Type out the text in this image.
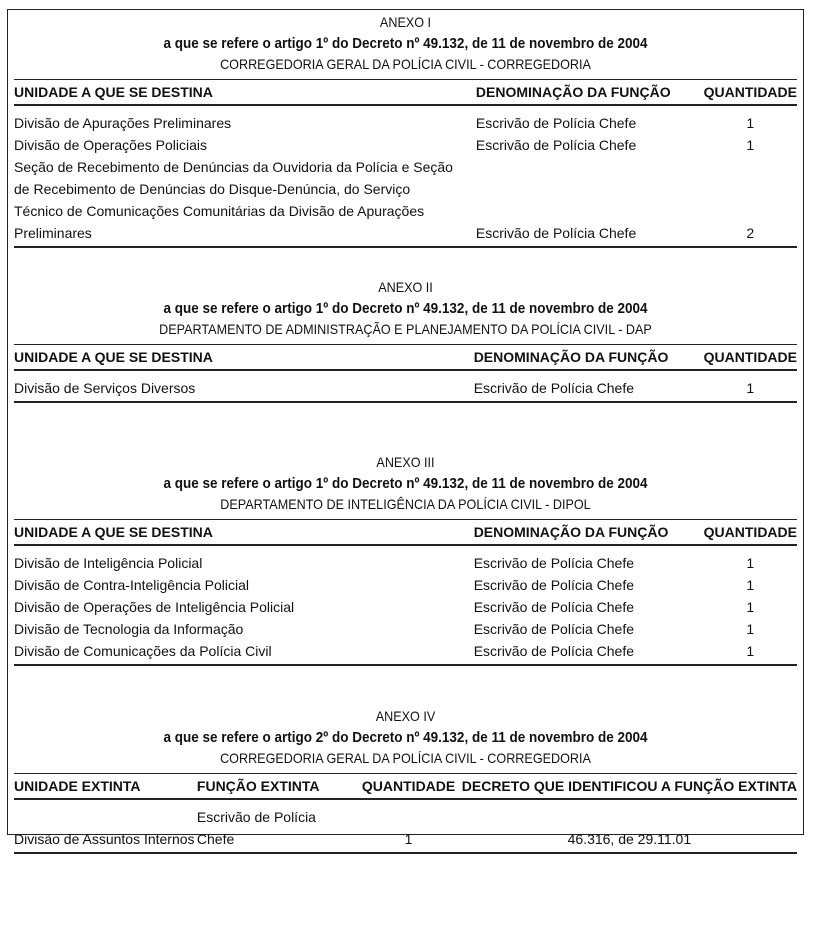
ANEXO I
a que se refere o artigo 1º do Decreto nº 49.132, de 11 de novembro de 2004
CORREGEDORIA GERAL DA POLÍCIA CIVIL - CORREGEDORIA
UNIDADE A QUE SE DESTINA	DENOMINAÇÃO DA FUNÇÃO	QUANTIDADE
Divisão de Apurações Preliminares	Escrivão de Polícia Chefe	1
Divisão de Operações Policiais	Escrivão de Polícia Chefe	1
Seção de Recebimento de Denúncias da Ouvidoria da Polícia e Seção de Recebimento de Denúncias do Disque-Denúncia, do Serviço Técnico de Comunicações Comunitárias da Divisão de Apurações Preliminares	Escrivão de Polícia Chefe	2
ANEXO II
a que se refere o artigo 1º do Decreto nº 49.132, de 11 de novembro de 2004
DEPARTAMENTO DE ADMINISTRAÇÃO E PLANEJAMENTO DA POLÍCIA CIVIL - DAP
UNIDADE A QUE SE DESTINA	DENOMINAÇÃO DA FUNÇÃO	QUANTIDADE
Divisão de Serviços Diversos	Escrivão de Polícia Chefe	1
ANEXO III
a que se refere o artigo 1º do Decreto nº 49.132, de 11 de novembro de 2004
DEPARTAMENTO DE INTELIGÊNCIA DA POLÍCIA CIVIL - DIPOL
UNIDADE A QUE SE DESTINA	DENOMINAÇÃO DA FUNÇÃO	QUANTIDADE
Divisão de Inteligência Policial	Escrivão de Polícia Chefe	1
Divisão de Contra-Inteligência Policial	Escrivão de Polícia Chefe	1
Divisão de Operações de Inteligência Policial	Escrivão de Polícia Chefe	1
Divisão de Tecnologia da Informação	Escrivão de Polícia Chefe	1
Divisão de Comunicações da Polícia Civil	Escrivão de Polícia Chefe	1
ANEXO IV
a que se refere o artigo 2º do Decreto nº 49.132, de 11 de novembro de 2004
CORREGEDORIA GERAL DA POLÍCIA CIVIL - CORREGEDORIA
UNIDADE EXTINTA	FUNÇÃO EXTINTA	QUANTIDADE	DECRETO QUE IDENTIFICOU A FUNÇÃO EXTINTA
Divisão de Assuntos Internos	Escrivão de Polícia Chefe	1	46.316, de 29.11.01
